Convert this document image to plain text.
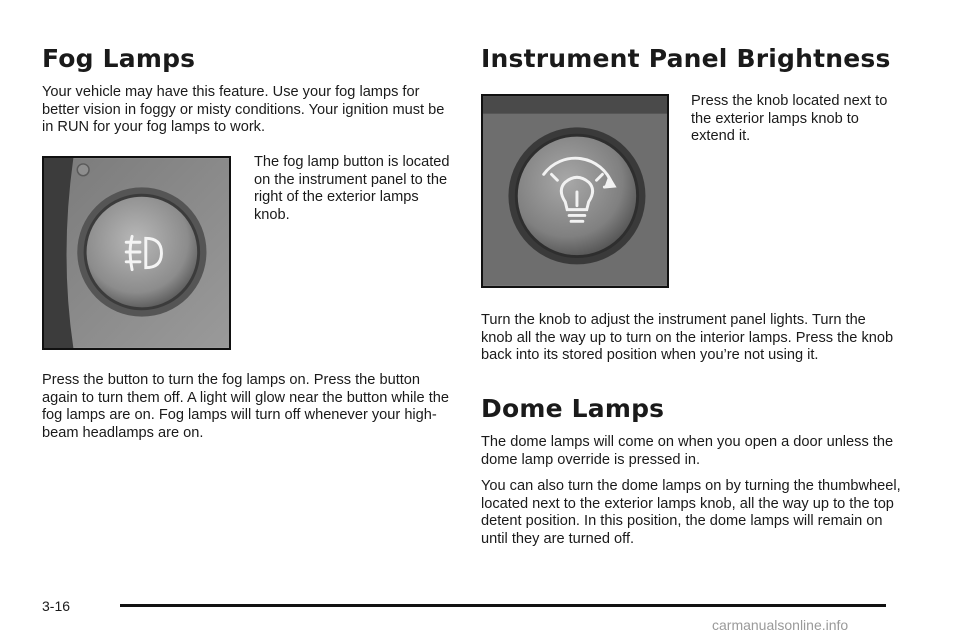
Fog Lamps

Your vehicle may have this feature. Use your fog lamps for better vision in foggy or misty conditions. Your ignition must be in RUN for your fog lamps to work.

The fog lamp button is located on the instrument panel to the right of the exterior lamps knob.

Press the button to turn the fog lamps on. Press the button again to turn them off. A light will glow near the button while the fog lamps are on. Fog lamps will turn off whenever your high-beam headlamps are on.

Instrument Panel Brightness

Press the knob located next to the exterior lamps knob to extend it.

Turn the knob to adjust the instrument panel lights. Turn the knob all the way up to turn on the interior lamps. Press the knob back into its stored position when you’re not using it.

Dome Lamps

The dome lamps will come on when you open a door unless the dome lamp override is pressed in.

You can also turn the dome lamps on by turning the thumbwheel, located next to the exterior lamps knob, all the way up to the top detent position. In this position, the dome lamps will remain on until they are turned off.

3-16
carmanualsonline.info
